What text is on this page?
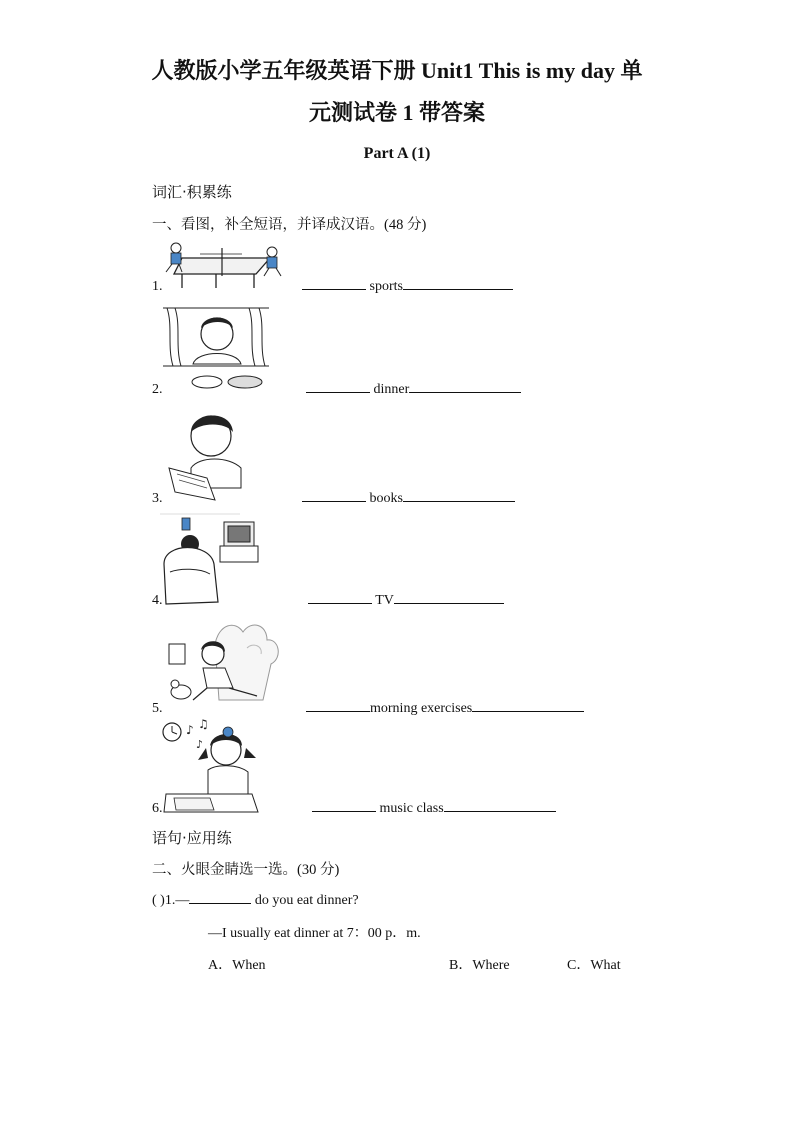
人教版小学五年级英语下册 Unit1 This is my day 单
元测试卷 1 带答案
Part A (1)
词汇·积累练
一、看图，补全短语，并译成汉语。(48 分)
1.	sports
2.	dinner
3.	books
4.	TV
5.	morning exercises
♪ ♫
♪
6.	music class
语句·应用练
二、火眼金睛选一选。(30 分)
( )1.—	do you eat dinner?
—I usually eat dinner at 7：00 p．m.
A．When	B．Where	C．What
